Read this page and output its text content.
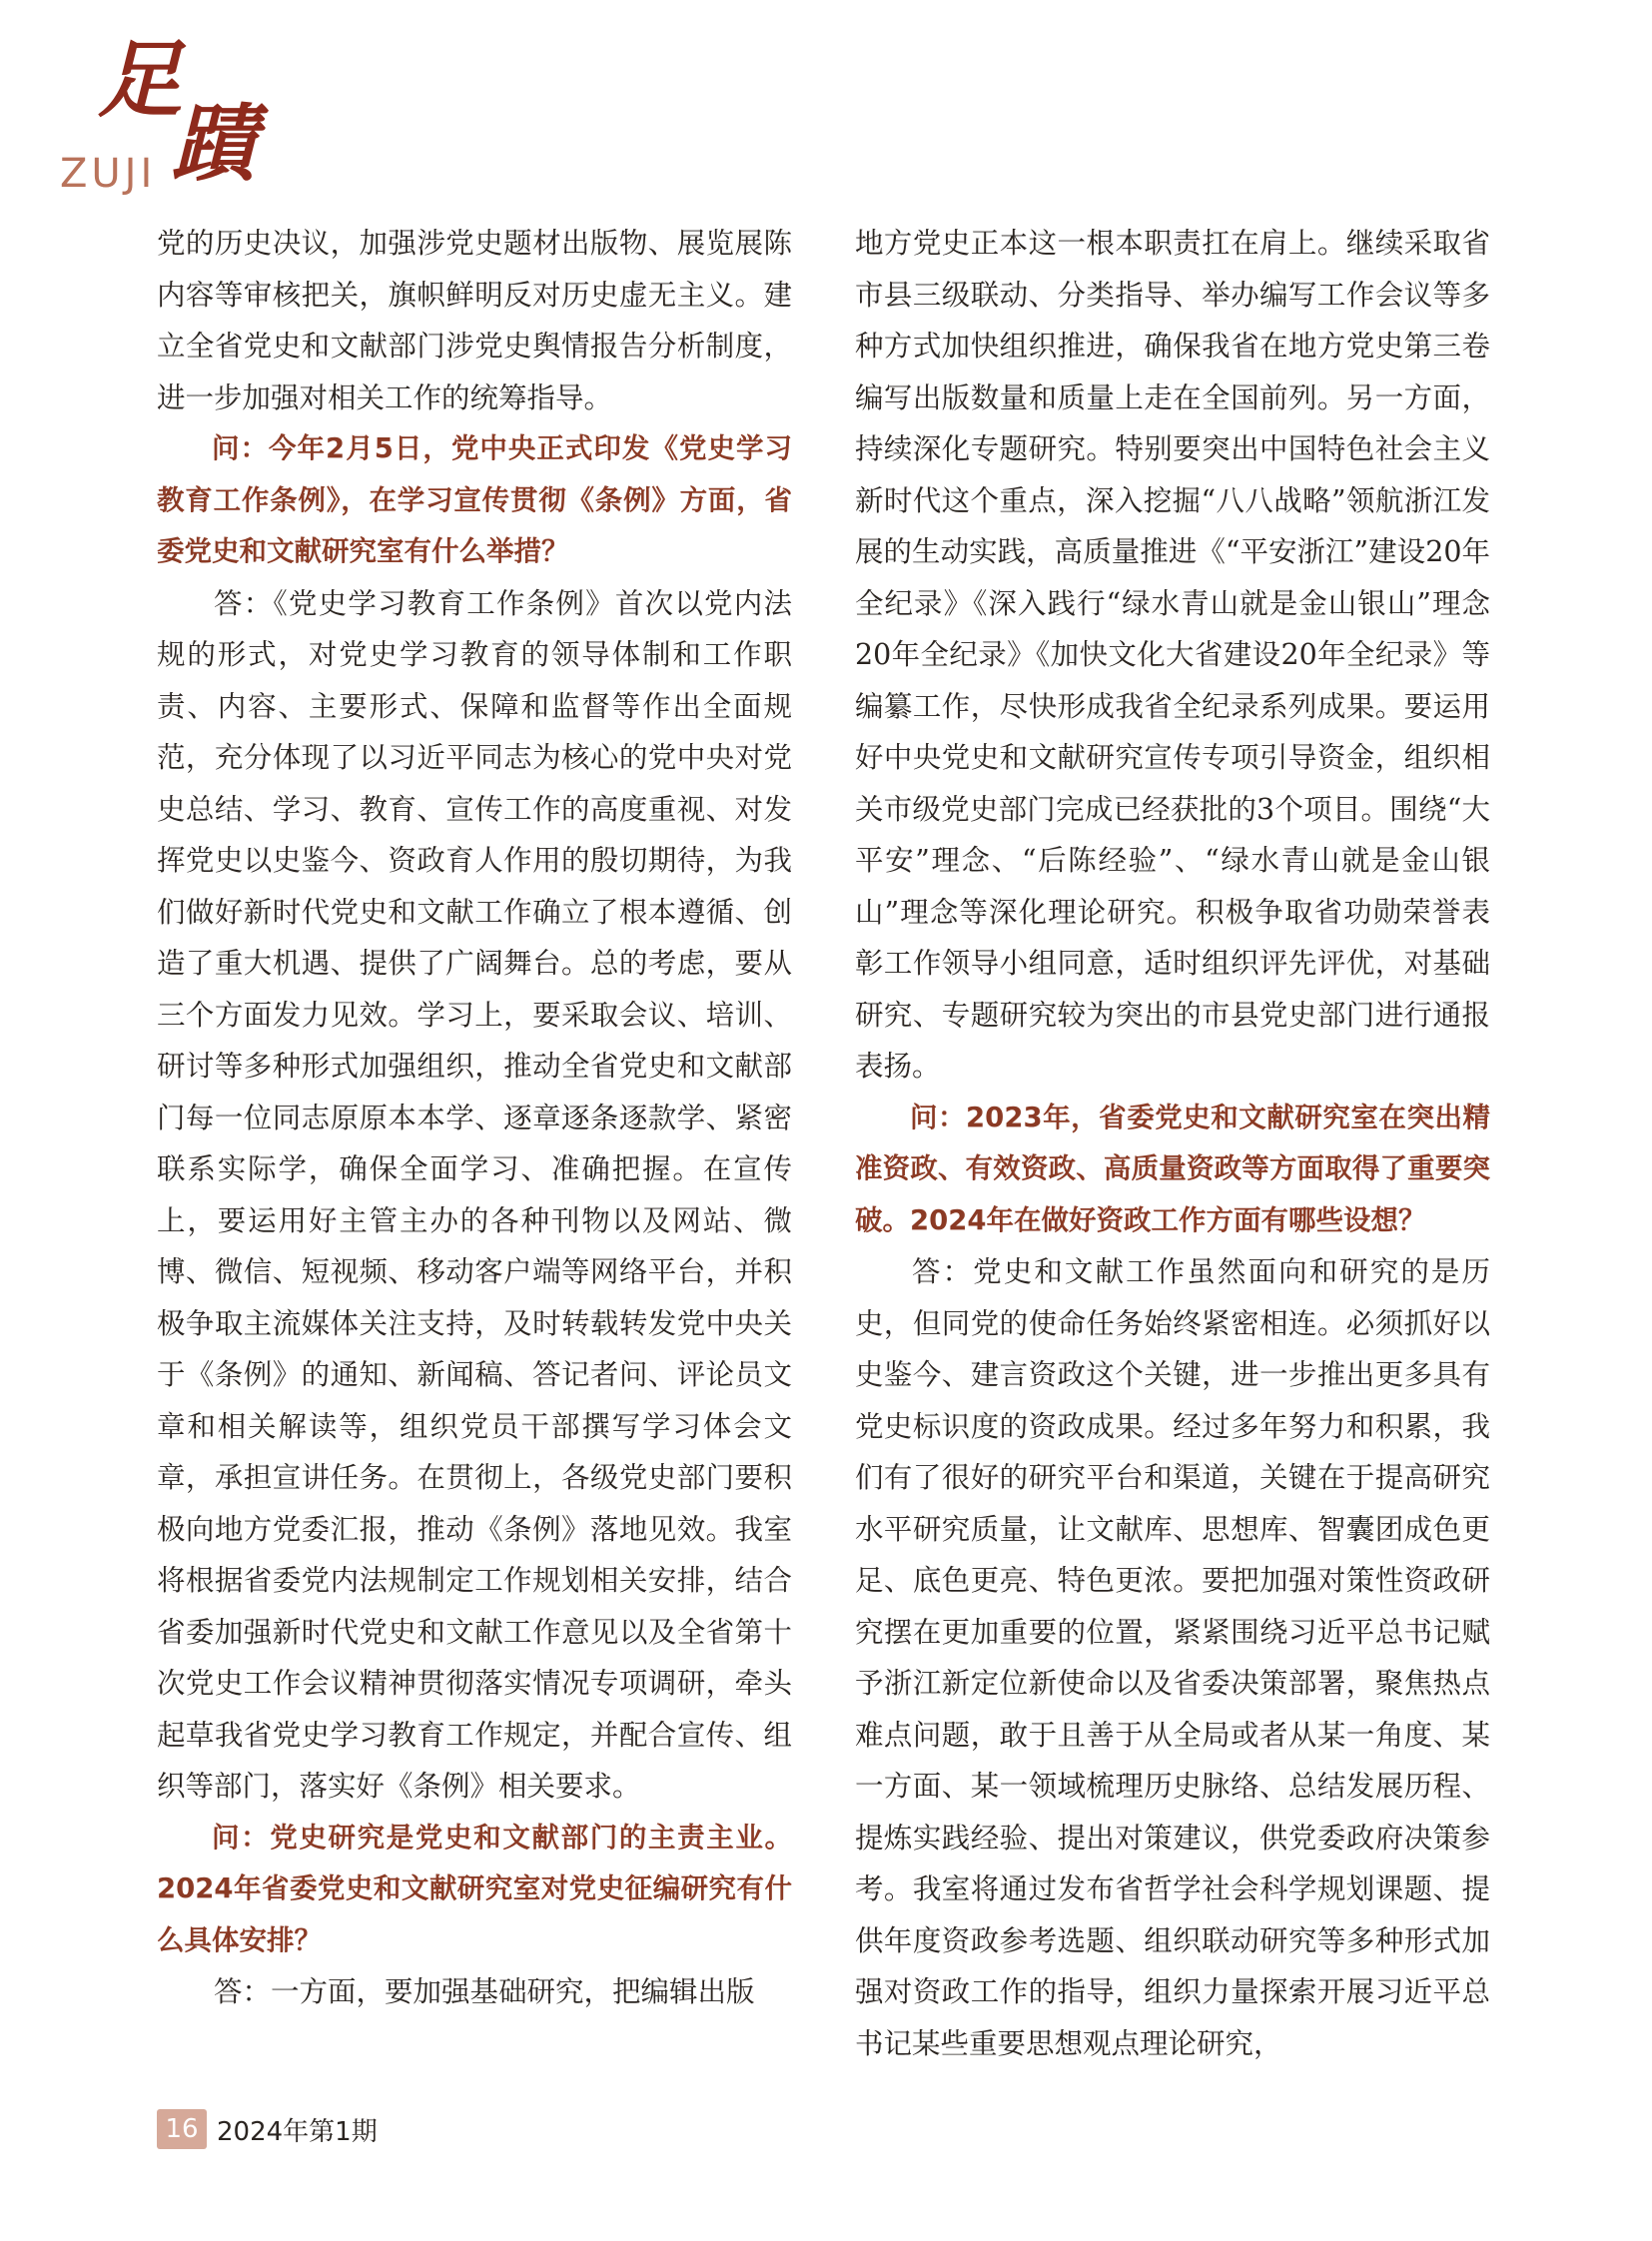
足
蹟
ZUJI

党的历史决议，加强涉党史题材出版物、展览展陈内容等审核把关，旗帜鲜明反对历史虚无主义。建立全省党史和文献部门涉党史舆情报告分析制度，进一步加强对相关工作的统筹指导。

问：今年2月5日，党中央正式印发《党史学习教育工作条例》，在学习宣传贯彻《条例》方面，省委党史和文献研究室有什么举措？

答：《党史学习教育工作条例》首次以党内法规的形式，对党史学习教育的领导体制和工作职责、内容、主要形式、保障和监督等作出全面规范，充分体现了以习近平同志为核心的党中央对党史总结、学习、教育、宣传工作的高度重视、对发挥党史以史鉴今、资政育人作用的殷切期待，为我们做好新时代党史和文献工作确立了根本遵循、创造了重大机遇、提供了广阔舞台。总的考虑，要从三个方面发力见效。学习上，要采取会议、培训、研讨等多种形式加强组织，推动全省党史和文献部门每一位同志原原本本学、逐章逐条逐款学、紧密联系实际学，确保全面学习、准确把握。在宣传上，要运用好主管主办的各种刊物以及网站、微博、微信、短视频、移动客户端等网络平台，并积极争取主流媒体关注支持，及时转载转发党中央关于《条例》的通知、新闻稿、答记者问、评论员文章和相关解读等，组织党员干部撰写学习体会文章，承担宣讲任务。在贯彻上，各级党史部门要积极向地方党委汇报，推动《条例》落地见效。我室将根据省委党内法规制定工作规划相关安排，结合省委加强新时代党史和文献工作意见以及全省第十次党史工作会议精神贯彻落实情况专项调研，牵头起草我省党史学习教育工作规定，并配合宣传、组织等部门，落实好《条例》相关要求。

问：党史研究是党史和文献部门的主责主业。2024年省委党史和文献研究室对党史征编研究有什么具体安排？

答：一方面，要加强基础研究，把编辑出版

地方党史正本这一根本职责扛在肩上。继续采取省市县三级联动、分类指导、举办编写工作会议等多种方式加快组织推进，确保我省在地方党史第三卷编写出版数量和质量上走在全国前列。另一方面，持续深化专题研究。特别要突出中国特色社会主义新时代这个重点，深入挖掘“八八战略”领航浙江发展的生动实践，高质量推进《“平安浙江”建设20年全纪录》《深入践行“绿水青山就是金山银山”理念20年全纪录》《加快文化大省建设20年全纪录》等编纂工作，尽快形成我省全纪录系列成果。要运用好中央党史和文献研究宣传专项引导资金，组织相关市级党史部门完成已经获批的3个项目。围绕“大平安”理念、“后陈经验”、“绿水青山就是金山银山”理念等深化理论研究。积极争取省功勋荣誉表彰工作领导小组同意，适时组织评先评优，对基础研究、专题研究较为突出的市县党史部门进行通报表扬。

问：2023年，省委党史和文献研究室在突出精准资政、有效资政、高质量资政等方面取得了重要突破。2024年在做好资政工作方面有哪些设想？

答：党史和文献工作虽然面向和研究的是历史，但同党的使命任务始终紧密相连。必须抓好以史鉴今、建言资政这个关键，进一步推出更多具有党史标识度的资政成果。经过多年努力和积累，我们有了很好的研究平台和渠道，关键在于提高研究水平研究质量，让文献库、思想库、智囊团成色更足、底色更亮、特色更浓。要把加强对策性资政研究摆在更加重要的位置，紧紧围绕习近平总书记赋予浙江新定位新使命以及省委决策部署，聚焦热点难点问题，敢于且善于从全局或者从某一角度、某一方面、某一领域梳理历史脉络、总结发展历程、提炼实践经验、提出对策建议，供党委政府决策参考。我室将通过发布省哲学社会科学规划课题、提供年度资政参考选题、组织联动研究等多种形式加强对资政工作的指导，组织力量探索开展习近平总书记某些重要思想观点理论研究，

16 2024年第1期
